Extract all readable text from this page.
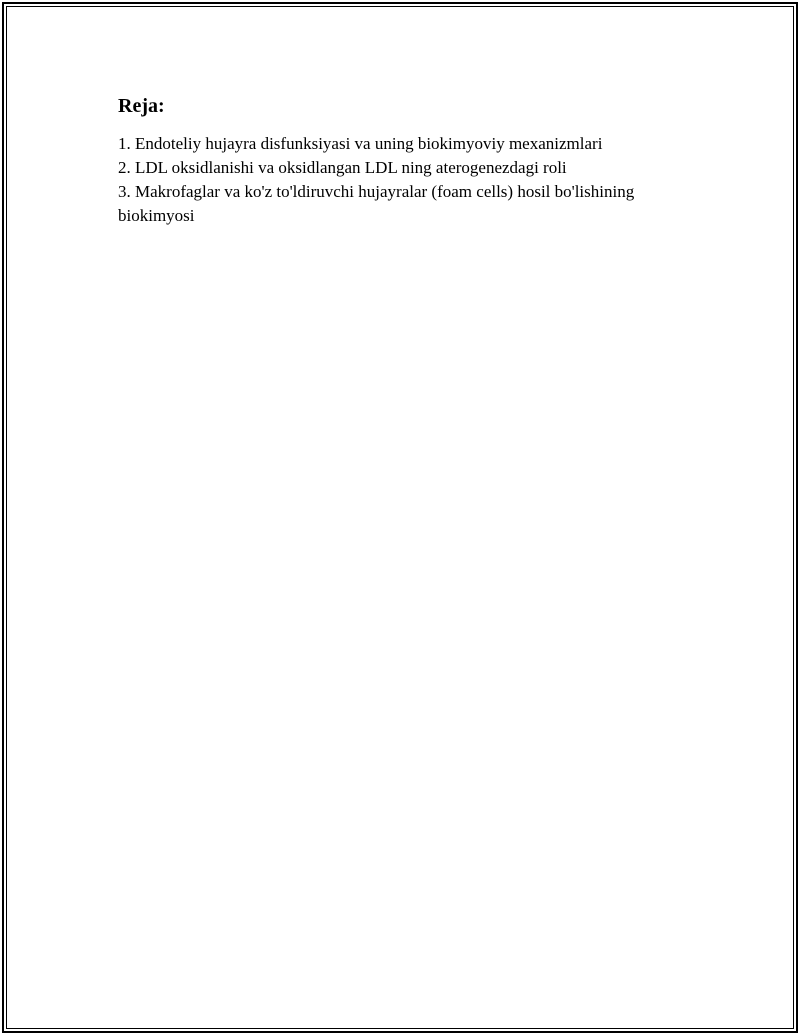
Reja:
1. Endoteliy hujayra disfunksiyasi va uning biokimyoviy mexanizmlari
2. LDL oksidlanishi va oksidlangan LDL ning aterogenezdagi roli
3. Makrofaglar va ko'z to'ldiruvchi hujayralar (foam cells) hosil bo'lishining biokimyosi
